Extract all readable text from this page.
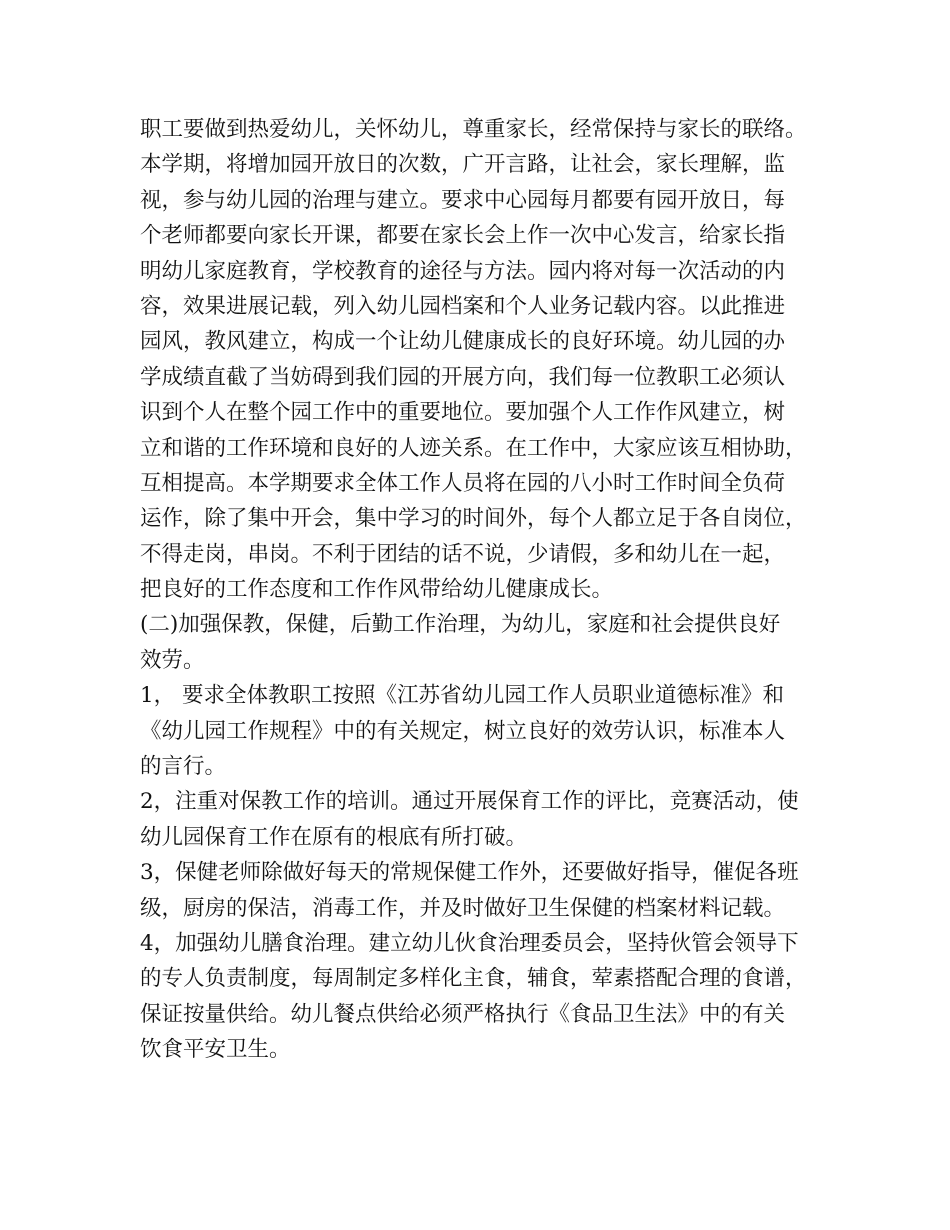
职工要做到热爱幼儿，关怀幼儿，尊重家长，经常保持与家长的联络。
本学期，将增加园开放日的次数，广开言路，让社会，家长理解，监
视，参与幼儿园的治理与建立。要求中心园每月都要有园开放日，每
个老师都要向家长开课，都要在家长会上作一次中心发言，给家长指
明幼儿家庭教育，学校教育的途径与方法。园内将对每一次活动的内
容，效果进展记载，列入幼儿园档案和个人业务记载内容。以此推进
园风，教风建立，构成一个让幼儿健康成长的良好环境。幼儿园的办
学成绩直截了当妨碍到我们园的开展方向，我们每一位教职工必须认
识到个人在整个园工作中的重要地位。要加强个人工作作风建立，树
立和谐的工作环境和良好的人迹关系。在工作中，大家应该互相协助，
互相提高。本学期要求全体工作人员将在园的八小时工作时间全负荷
运作，除了集中开会，集中学习的时间外，每个人都立足于各自岗位，
不得走岗，串岗。不利于团结的话不说，少请假，多和幼儿在一起，
把良好的工作态度和工作作风带给幼儿健康成长。
(二)加强保教，保健，后勤工作治理，为幼儿，家庭和社会提供良好
效劳。
1， 要求全体教职工按照《江苏省幼儿园工作人员职业道德标准》和
《幼儿园工作规程》中的有关规定，树立良好的效劳认识，标准本人
的言行。
2，注重对保教工作的培训。通过开展保育工作的评比，竞赛活动，使
幼儿园保育工作在原有的根底有所打破。
3，保健老师除做好每天的常规保健工作外，还要做好指导，催促各班
级，厨房的保洁，消毒工作，并及时做好卫生保健的档案材料记载。
4，加强幼儿膳食治理。建立幼儿伙食治理委员会，坚持伙管会领导下
的专人负责制度，每周制定多样化主食，辅食，荤素搭配合理的食谱，
保证按量供给。幼儿餐点供给必须严格执行《食品卫生法》中的有关
饮食平安卫生。
